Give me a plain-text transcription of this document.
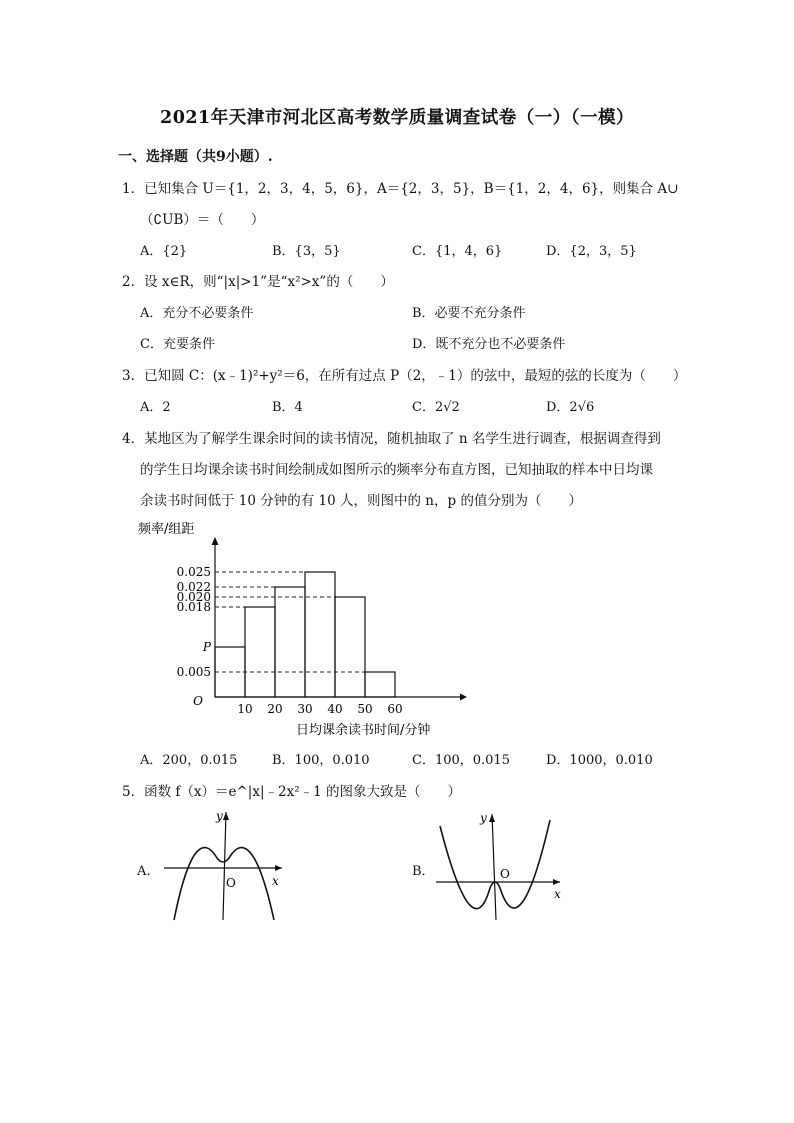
2021年天津市河北区高考数学质量调查试卷（一）（一模）
一、选择题（共9小题）.
1．已知集合 U＝{1，2，3，4，5，6}，A＝{2，3，5}，B＝{1，2，4，6}，则集合 A∪
（∁UB）＝（　　）
A．{2}	B．{3，5}	C．{1，4，6}	D．{2，3，5}
2．设 x∈R，则“|x|>1”是“x²>x”的（　　）
A．充分不必要条件	B．必要不充分条件
C．充要条件	D．既不充分也不必要条件
3．已知圆 C：(x﹣1)²+y²＝6，在所有过点 P（2，﹣1）的弦中，最短的弦的长度为（　　）
A．2	B．4	C．2√2	D．2√6
4．某地区为了解学生课余时间的读书情况，随机抽取了 n 名学生进行调查，根据调查得到
的学生日均课余读书时间绘制成如图所示的频率分布直方图，已知抽取的样本中日均课
余读书时间低于 10 分钟的有 10 人，则图中的 n，p 的值分别为（　　）
10 20 30 40 50 60
P
0.005
0.018
0.020
0.022
0.025
O
频率/组距
日均课余读书时间/分钟
A．200，0.015	B．100，0.010	C．100，0.015	D．1000，0.010
5．函数 f（x）＝e^|x|﹣2x²﹣1 的图象大致是（　　）
A．	B．
y
x
O
y
x
O
